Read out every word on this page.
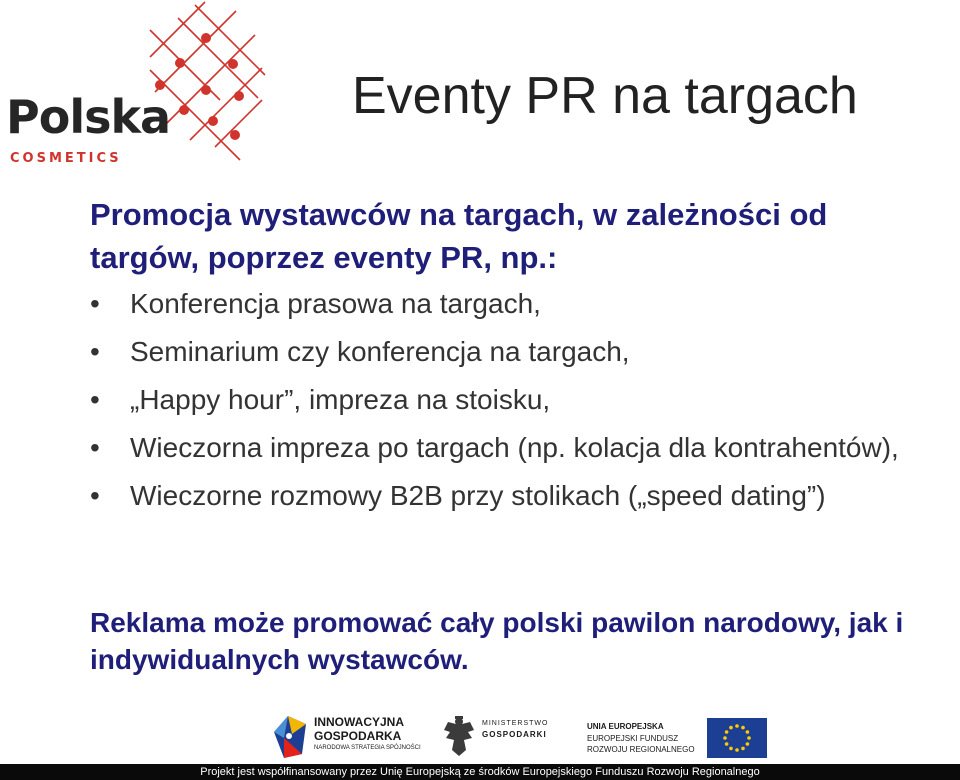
Polska
COSMETICS
Eventy PR na targach
Promocja wystawców na targach, w zależności od targów, poprzez eventy PR, np.:
• Konferencja prasowa na targach,
• Seminarium czy konferencja na targach,
• „Happy hour”, impreza na stoisku,
• Wieczorna impreza po targach (np. kolacja dla kontrahentów),
• Wieczorne rozmowy B2B przy stolikach („speed dating”)
Reklama może promować cały polski pawilon narodowy, jak i indywidualnych wystawców.
INNOWACYJNA
GOSPODARKA
NARODOWA STRATEGIA SPÓJNOŚCI
MINISTERSTWO
GOSPODARKI
UNIA EUROPEJSKA
EUROPEJSKI FUNDUSZ
ROZWOJU REGIONALNEGO
Projekt jest współfinansowany przez Unię Europejską ze środków Europejskiego Funduszu Rozwoju Regionalnego
